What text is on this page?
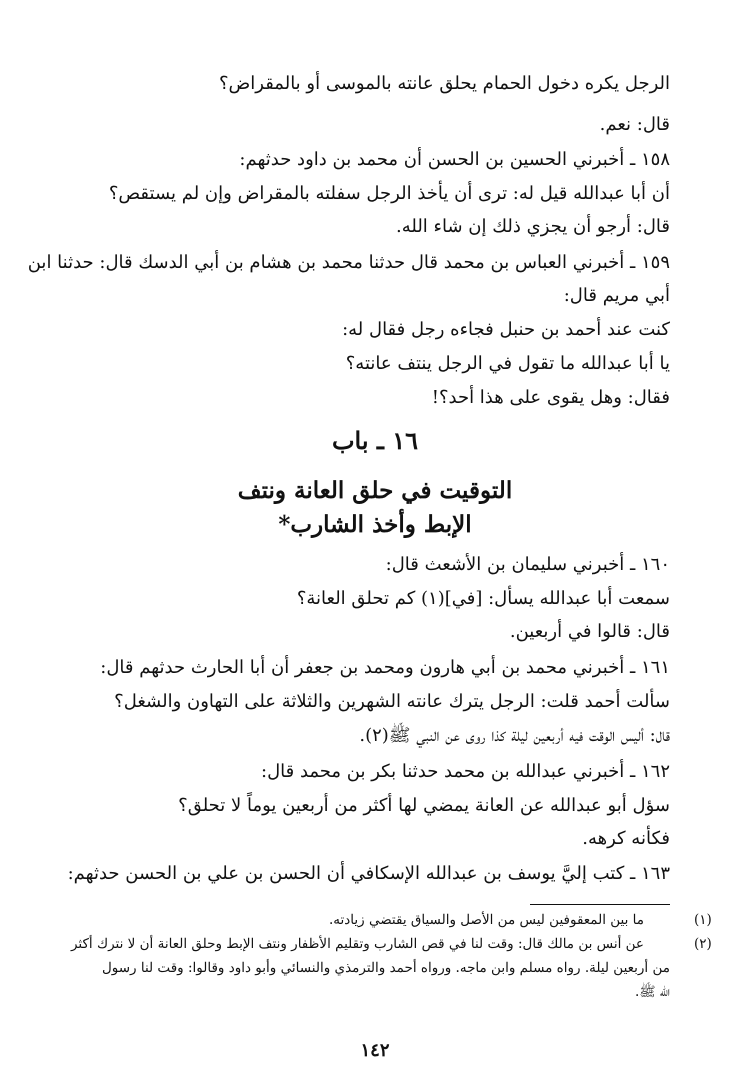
الرجل يكره دخول الحمام يحلق عانته بالموسى أو بالمقراض؟
قال: نعم.
١٥٨ ـ أخبرني الحسين بن الحسن أن محمد بن داود حدثهم:
أن أبا عبدالله قيل له: ترى أن يأخذ الرجل سفلته بالمقراض وإن لم يستقص؟
قال: أرجو أن يجزي ذلك إن شاء الله.
١٥٩ ـ أخبرني العباس بن محمد قال حدثنا محمد بن هشام بن أبي الدسك قال: حدثنا ابن
أبي مريم قال:
كنت عند أحمد بن حنبل فجاءه رجل فقال له:
يا أبا عبدالله ما تقول في الرجل ينتف عانته؟
فقال: وهل يقوى على هذا أحد؟!
١٦ ـ باب
التوقيت في حلق العانة ونتف
الإبط وأخذ الشارب*
١٦٠ ـ أخبرني سليمان بن الأشعث قال:
سمعت أبا عبدالله يسأل: [في](١) كم تحلق العانة؟
قال: قالوا في أربعين.
١٦١ ـ أخبرني محمد بن أبي هارون ومحمد بن جعفر أن أبا الحارث حدثهم قال:
سألت أحمد قلت: الرجل يترك عانته الشهرين والثلاثة على التهاون والشغل؟
قال: أليس الوقت فيه أربعين ليلة كذا روى عن النبي ﷺ(٢).
١٦٢ ـ أخبرني عبدالله بن محمد حدثنا بكر بن محمد قال:
سؤل أبو عبدالله عن العانة يمضي لها أكثر من أربعين يوماً لا تحلق؟
فكأنه كرهه.
١٦٣ ـ كتب إليَّ يوسف بن عبدالله الإسكافي أن الحسن بن علي بن الحسن حدثهم:
(١)
ما بين المعقوفين ليس من الأصل والسياق يقتضي زيادته.
(٢)
عن أنس بن مالك قال: وقت لنا في قص الشارب وتقليم الأظفار ونتف الإبط وحلق العانة أن لا نترك أكثر
من أربعين ليلة. رواه مسلم وابن ماجه. ورواه أحمد والترمذي والنسائي وأبو داود وقالوا: وقت لنا رسول
الله ﷺ.
١٤٢
